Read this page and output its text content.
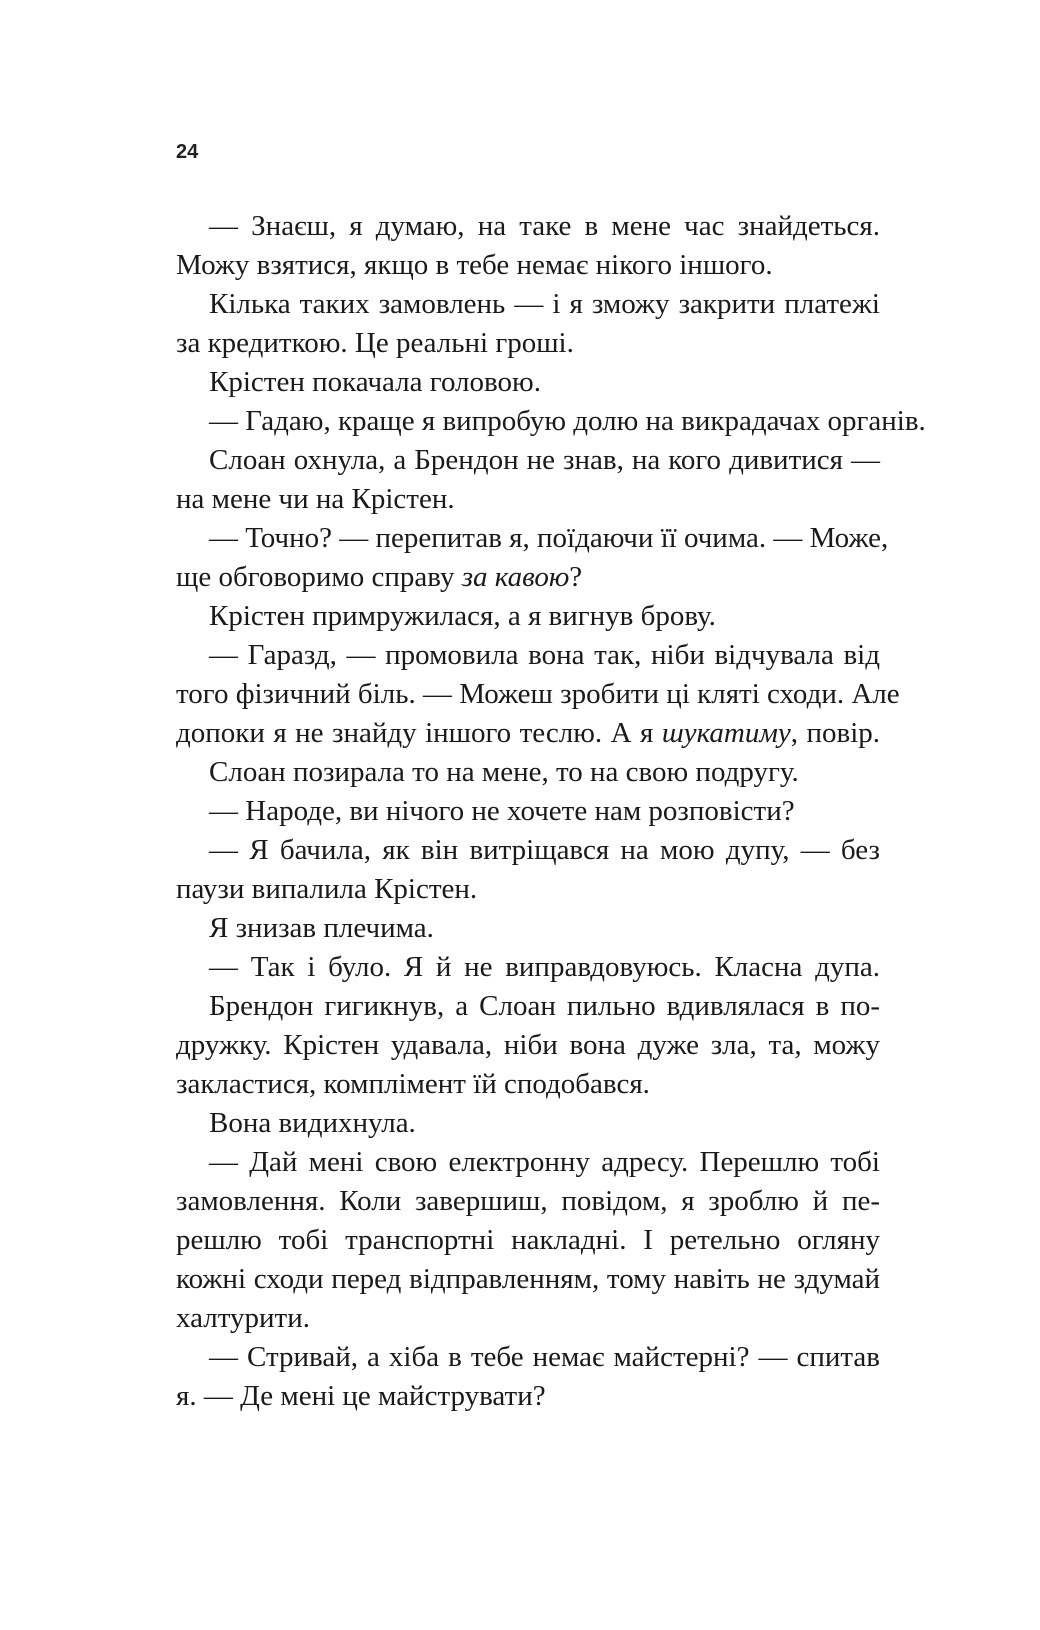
24
— Знаєш, я думаю, на таке в мене час знайдеться.
Можу взятися, якщо в тебе немає нікого іншого.
Кілька таких замовлень — і я зможу закрити платежі
за кредиткою. Це реальні гроші.
Крістен покачала головою.
— Гадаю, краще я випробую долю на викрадачах органів.
Слоан охнула, а Брендон не знав, на кого дивитися —
на мене чи на Крістен.
— Точно? — перепитав я, поїдаючи її очима. — Може,
ще обговоримо справу за кавою?
Крістен примружилася, а я вигнув брову.
— Гаразд, — промовила вона так, ніби відчувала від
того фізичний біль. — Можеш зробити ці кляті сходи. Але
допоки я не знайду іншого теслю. А я шукатиму, повір.
Слоан позирала то на мене, то на свою подругу.
— Народе, ви нічого не хочете нам розповісти?
— Я бачила, як він витріщався на мою дупу, — без
паузи випалила Крістен.
Я знизав плечима.
— Так і було. Я й не виправдовуюсь. Класна дупа.
Брендон гигикнув, а Слоан пильно вдивлялася в по-
дружку. Крістен удавала, ніби вона дуже зла, та, можу
закластися, комплімент їй сподобався.
Вона видихнула.
— Дай мені свою електронну адресу. Перешлю тобі
замовлення. Коли завершиш, повідом, я зроблю й пе-
решлю тобі транспортні накладні. І ретельно огляну
кожні сходи перед відправленням, тому навіть не здумай
халтурити.
— Стривай, а хіба в тебе немає майстерні? — спитав
я. — Де мені це майструвати?
